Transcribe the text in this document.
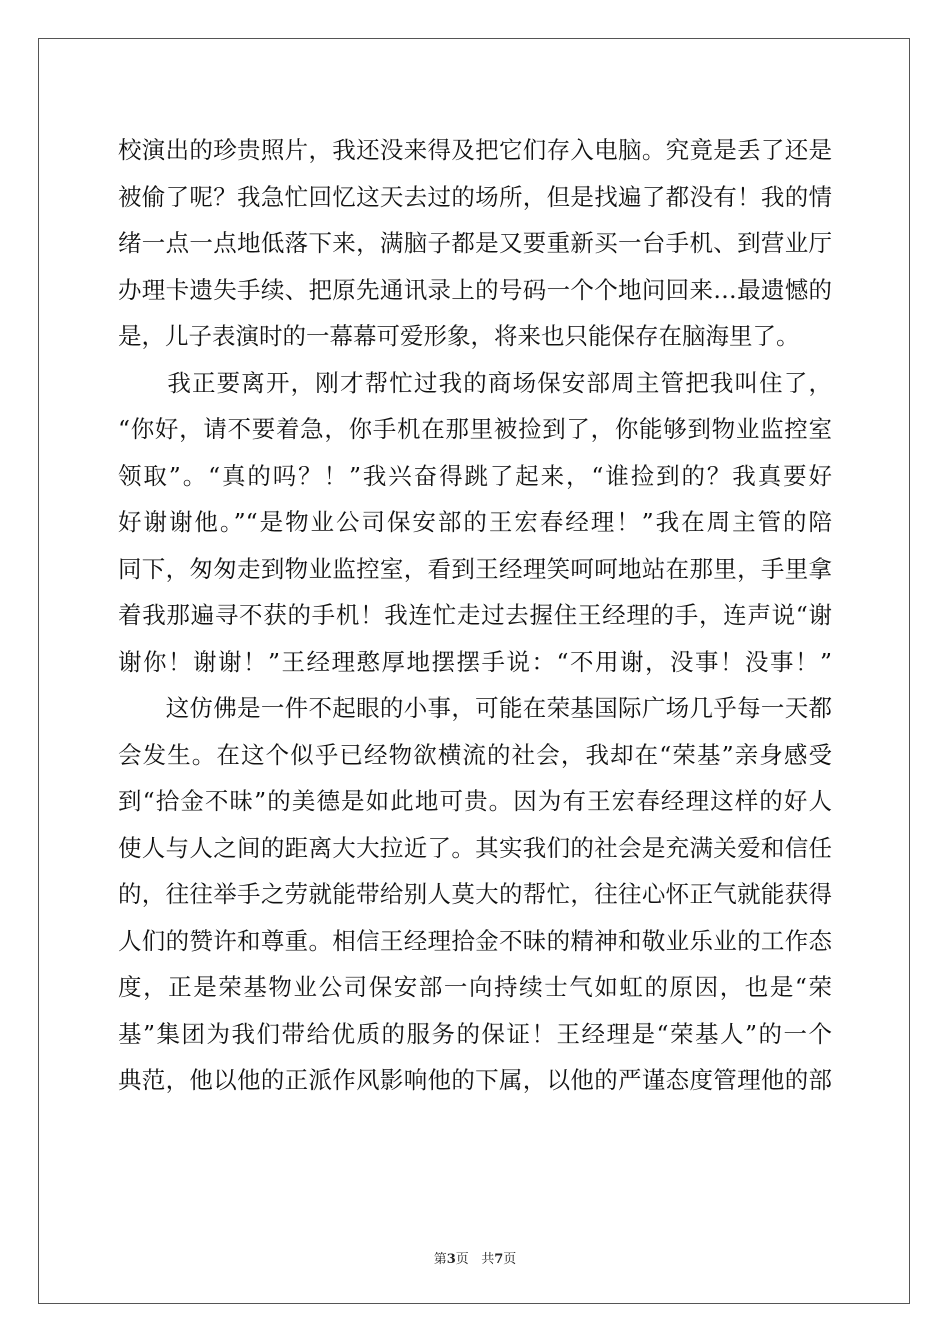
校演出的珍贵照片，我还没来得及把它们存入电脑。究竟是丢了还是
被偷了呢？我急忙回忆这天去过的场所，但是找遍了都没有！我的情
绪一点一点地低落下来，满脑子都是又要重新买一台手机、到营业厅
办理卡遗失手续、把原先通讯录上的号码一个个地问回来…最遗憾的
是，儿子表演时的一幕幕可爱形象，将来也只能保存在脑海里了。
　　我正要离开，刚才帮忙过我的商场保安部周主管把我叫住了，
“你好，请不要着急，你手机在那里被捡到了，你能够到物业监控室
领取”。“真的吗？！”我兴奋得跳了起来，“谁捡到的？我真要好
好谢谢他。”“是物业公司保安部的王宏春经理！”我在周主管的陪
同下，匆匆走到物业监控室，看到王经理笑呵呵地站在那里，手里拿
着我那遍寻不获的手机！我连忙走过去握住王经理的手，连声说“谢
谢你！谢谢！”王经理憨厚地摆摆手说：“不用谢，没事！没事！”
　　这仿佛是一件不起眼的小事，可能在荣基国际广场几乎每一天都
会发生。在这个似乎已经物欲横流的社会，我却在“荣基”亲身感受
到“拾金不昧”的美德是如此地可贵。因为有王宏春经理这样的好人
使人与人之间的距离大大拉近了。其实我们的社会是充满关爱和信任
的，往往举手之劳就能带给别人莫大的帮忙，往往心怀正气就能获得
人们的赞许和尊重。相信王经理拾金不昧的精神和敬业乐业的工作态
度，正是荣基物业公司保安部一向持续士气如虹的原因，也是“荣
基”集团为我们带给优质的服务的保证！王经理是“荣基人”的一个
典范，他以他的正派作风影响他的下属，以他的严谨态度管理他的部
第3页 共7页
